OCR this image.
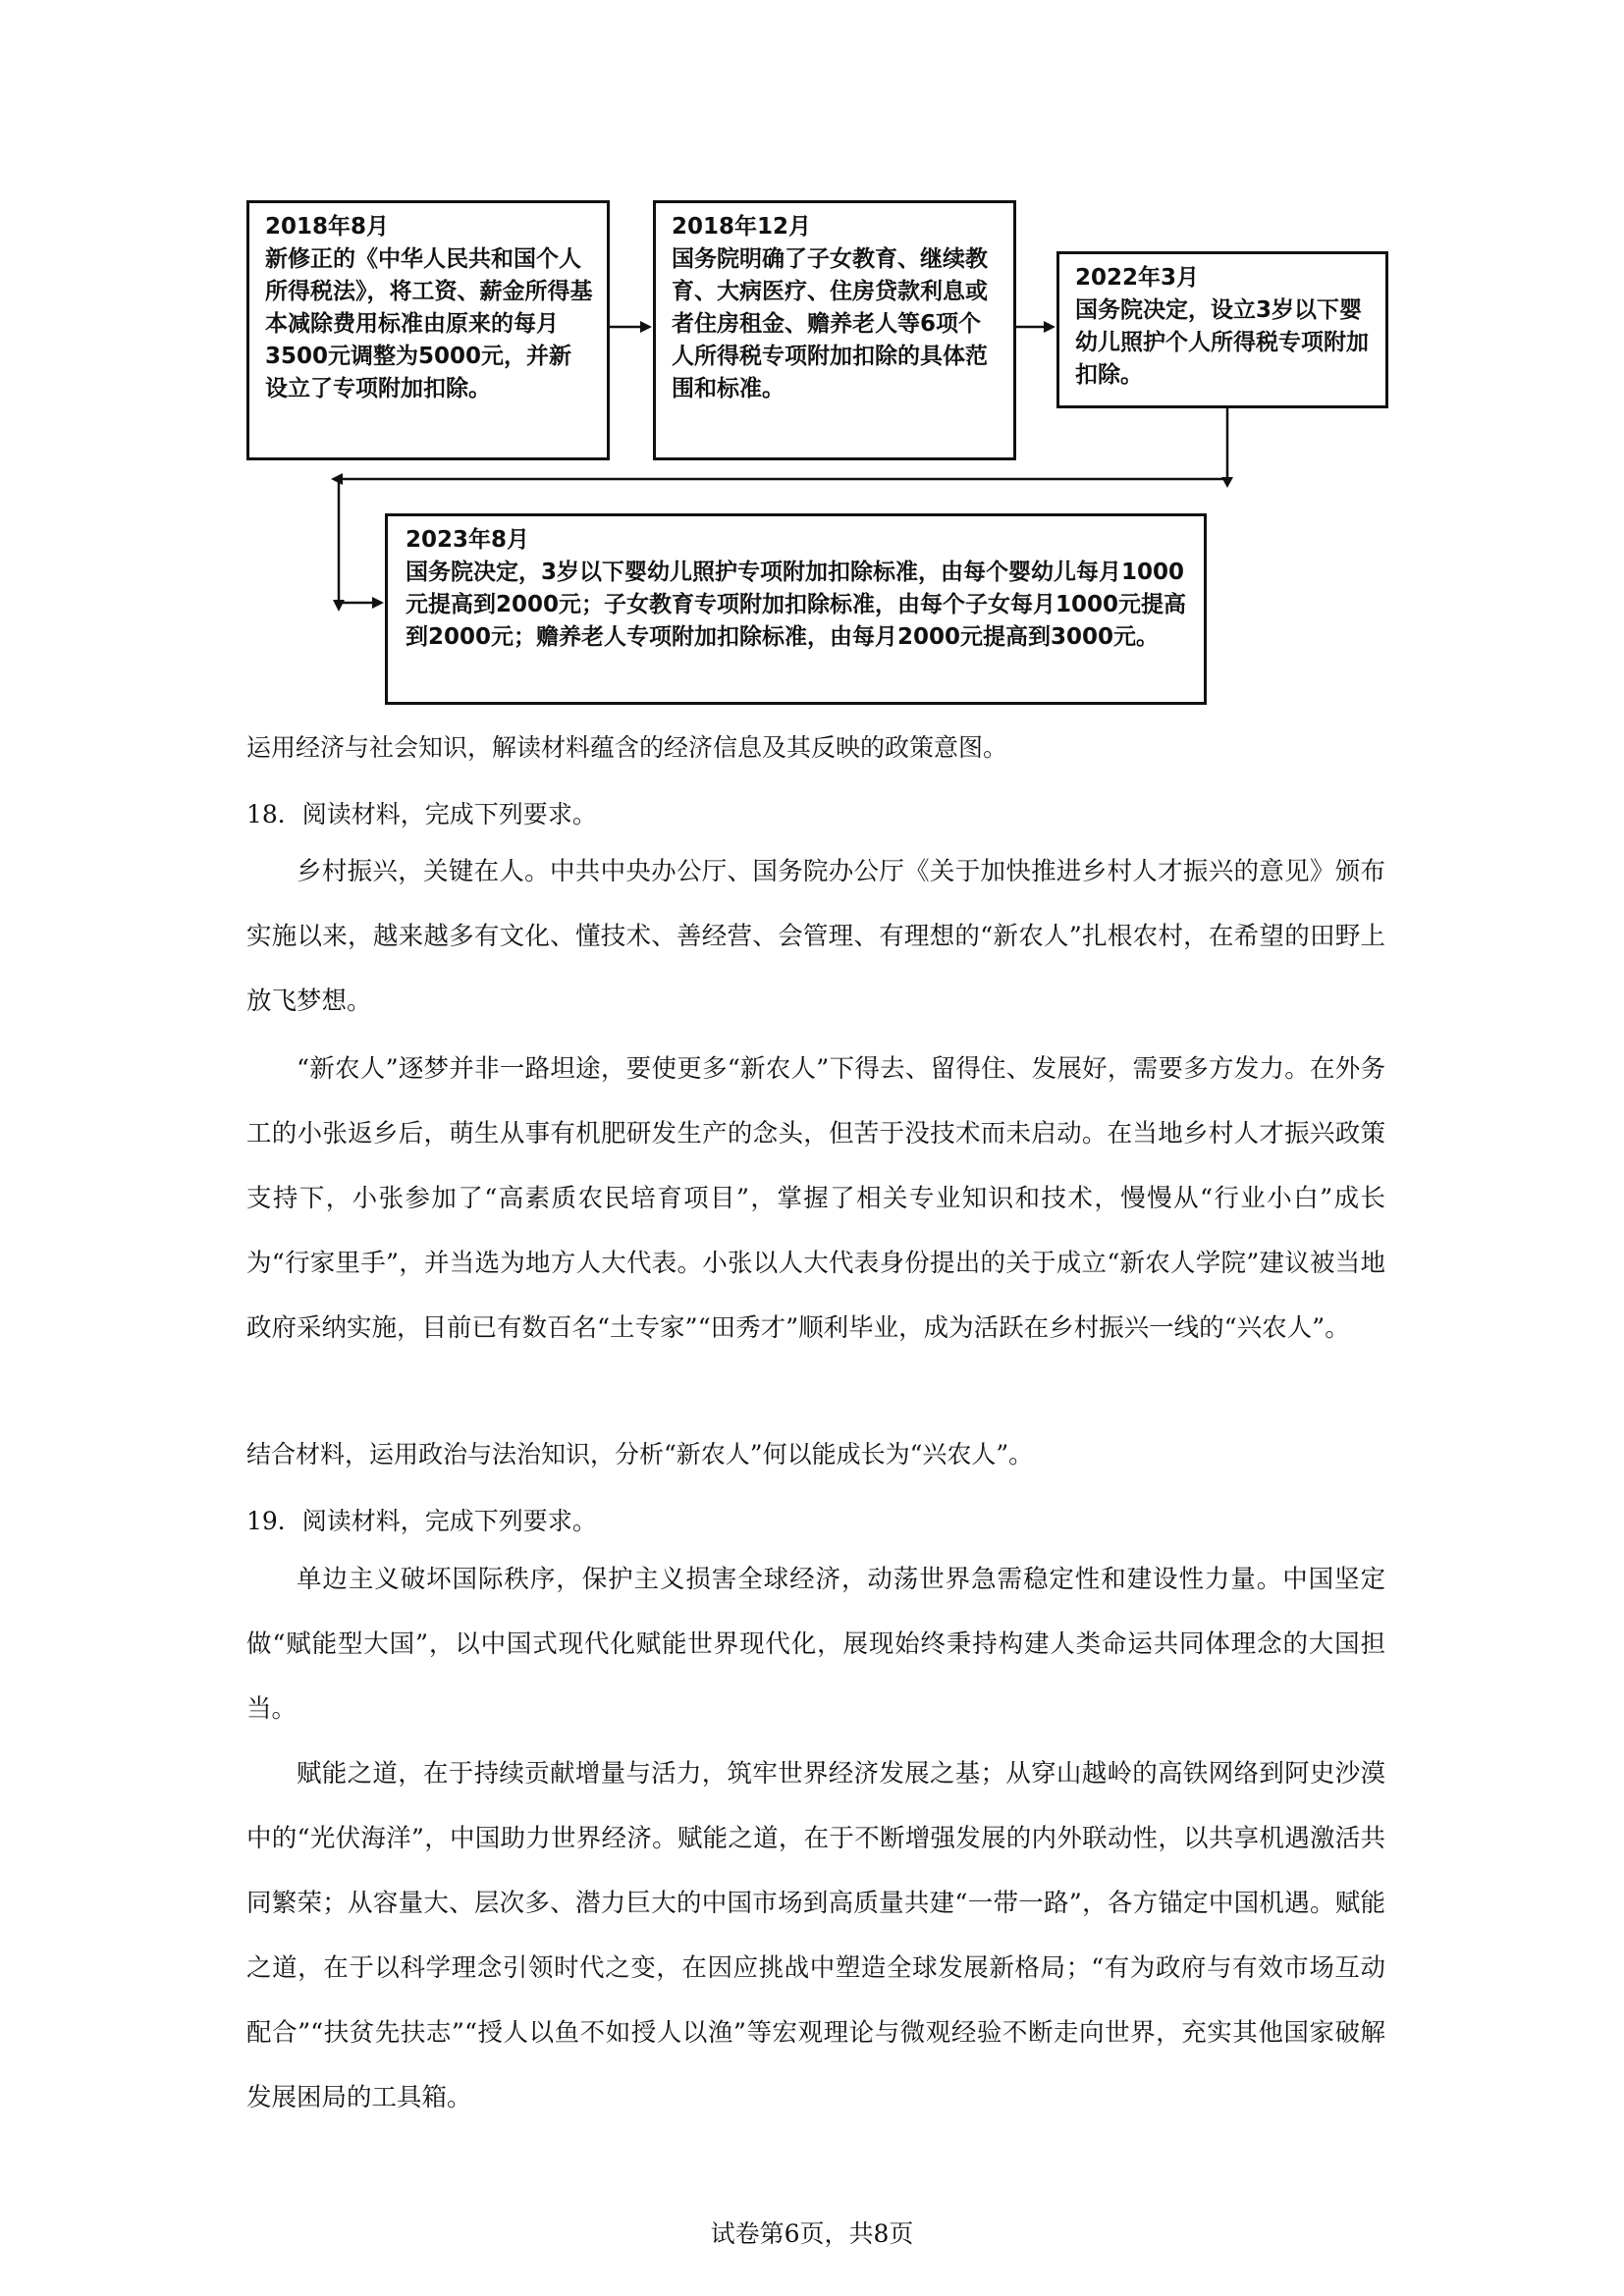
2018年8月
新修正的《中华人民共和国个人所得税法》，将工资、薪金所得基本减除费用标准由原来的每月3500元调整为5000元，并新设立了专项附加扣除。
2018年12月
国务院明确了子女教育、继续教育、大病医疗、住房贷款利息或者住房租金、赡养老人等6项个人所得税专项附加扣除的具体范围和标准。
2022年3月
国务院决定，设立3岁以下婴幼儿照护个人所得税专项附加扣除。
2023年8月
国务院决定，3岁以下婴幼儿照护专项附加扣除标准，由每个婴幼儿每月1000元提高到2000元；子女教育专项附加扣除标准，由每个子女每月1000元提高到2000元；赡养老人专项附加扣除标准，由每月2000元提高到3000元。
运用经济与社会知识，解读材料蕴含的经济信息及其反映的政策意图。
18．阅读材料，完成下列要求。
乡村振兴，关键在人。中共中央办公厅、国务院办公厅《关于加快推进乡村人才振兴的意见》颁布实施以来，越来越多有文化、懂技术、善经营、会管理、有理想的“新农人”扎根农村，在希望的田野上放飞梦想。
“新农人”逐梦并非一路坦途，要使更多“新农人”下得去、留得住、发展好，需要多方发力。在外务工的小张返乡后，萌生从事有机肥研发生产的念头，但苦于没技术而未启动。在当地乡村人才振兴政策支持下，小张参加了“高素质农民培育项目”，掌握了相关专业知识和技术，慢慢从“行业小白”成长为“行家里手”，并当选为地方人大代表。小张以人大代表身份提出的关于成立“新农人学院”建议被当地政府采纳实施，目前已有数百名“土专家”“田秀才”顺利毕业，成为活跃在乡村振兴一线的“兴农人”。
结合材料，运用政治与法治知识，分析“新农人”何以能成长为“兴农人”。
19．阅读材料，完成下列要求。
单边主义破坏国际秩序，保护主义损害全球经济，动荡世界急需稳定性和建设性力量。中国坚定做“赋能型大国”，以中国式现代化赋能世界现代化，展现始终秉持构建人类命运共同体理念的大国担当。
赋能之道，在于持续贡献增量与活力，筑牢世界经济发展之基；从穿山越岭的高铁网络到阿史沙漠中的“光伏海洋”，中国助力世界经济。赋能之道，在于不断增强发展的内外联动性，以共享机遇激活共同繁荣；从容量大、层次多、潜力巨大的中国市场到高质量共建“一带一路”，各方锚定中国机遇。赋能之道，在于以科学理念引领时代之变，在因应挑战中塑造全球发展新格局；“有为政府与有效市场互动配合”“扶贫先扶志”“授人以鱼不如授人以渔”等宏观理论与微观经验不断走向世界，充实其他国家破解发展困局的工具箱。
试卷第6页，共8页
